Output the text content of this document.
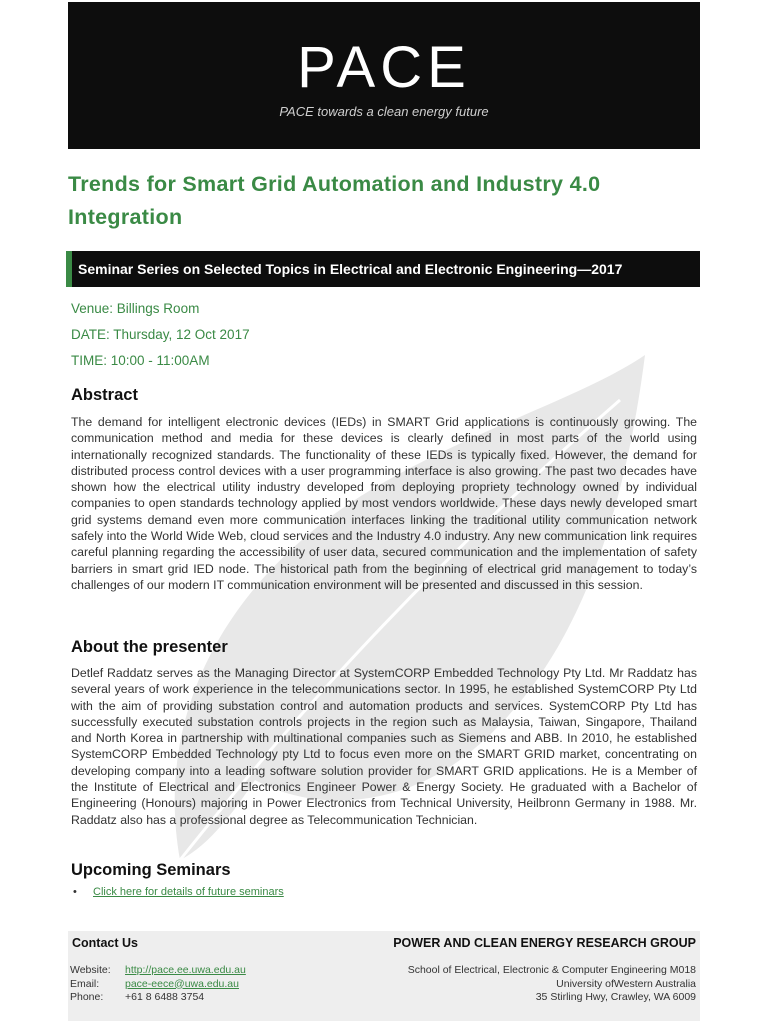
PACE
PACE towards a clean energy future
Trends for Smart Grid Automation and Industry 4.0 Integration
Seminar Series on Selected Topics in Electrical and Electronic Engineering—2017
Venue: Billings Room
DATE: Thursday, 12 Oct 2017
TIME: 10:00 - 11:00AM
Abstract
The demand for intelligent electronic devices (IEDs) in SMART Grid applications is continuously growing. The communication method and media for these devices is clearly defined in most parts of the world using internationally recognized standards. The functionality of these IEDs is typically fixed. However, the demand for distributed process control devices with a user programming interface is also growing. The past two decades have shown how the electrical utility industry developed from deploying propriety technology owned by individual companies to open standards technology applied by most vendors worldwide. These days newly developed smart grid systems demand even more communication interfaces linking the traditional utility communication network safely into the World Wide Web, cloud services and the Industry 4.0 industry. Any new communication link requires careful planning regarding the accessibility of user data, secured communication and the implementation of safety barriers in smart grid IED node. The historical path from the beginning of electrical grid management to today’s challenges of our modern IT communication environment will be presented and discussed in this session.
About the presenter
Detlef Raddatz serves as the Managing Director at SystemCORP Embedded Technology Pty Ltd. Mr Raddatz has several years of work experience in the telecommunications sector. In 1995, he established SystemCORP Pty Ltd with the aim of providing substation control and automation products and services. SystemCORP Pty Ltd has successfully executed substation controls projects in the region such as Malaysia, Taiwan, Singapore, Thailand and North Korea in partnership with multinational companies such as Siemens and ABB. In 2010, he established SystemCORP Embedded Technology pty Ltd to focus even more on the SMART GRID market, concentrating on developing company into a leading software solution provider for SMART GRID applications. He is a Member of the Institute of Electrical and Electronics Engineer Power & Energy Society. He graduated with a Bachelor of Engineering (Honours) majoring in Power Electronics from Technical University, Heilbronn Germany in 1988. Mr. Raddatz also has a professional degree as Telecommunication Technician.
Upcoming Seminars
• Click here for details of future seminars
Contact Us	POWER AND CLEAN ENERGY RESEARCH GROUP
Website: http://pace.ee.uwa.edu.au
Email: pace-eece@uwa.edu.au
Phone: +61 8 6488 3754
School of Electrical, Electronic & Computer Engineering M018
University ofWestern Australia
35 Stirling Hwy, Crawley, WA 6009
